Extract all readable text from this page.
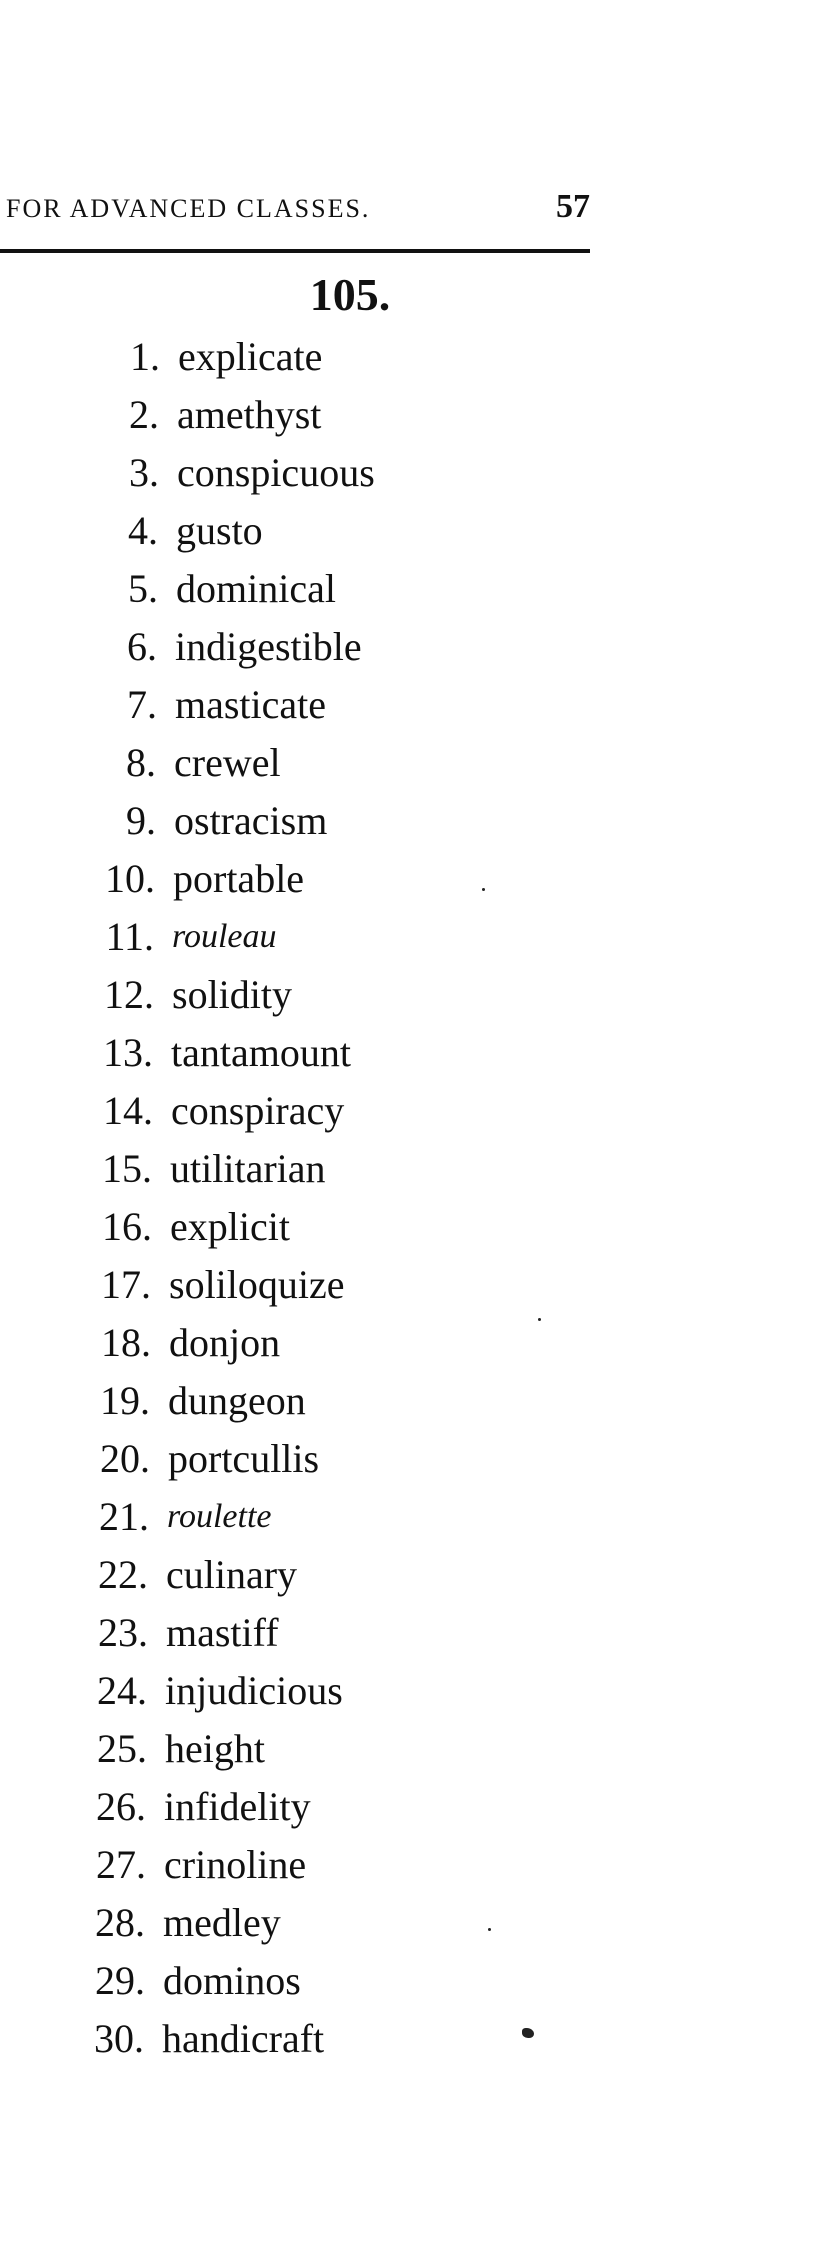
FOR ADVANCED CLASSES.	57
105.
1. explicate
2. amethyst
3. conspicuous
4. gusto
5. dominical
6. indigestible
7. masticate
8. crewel
9. ostracism
10. portable
11. rouleau
12. solidity
13. tantamount
14. conspiracy
15. utilitarian
16. explicit
17. soliloquize
18. donjon
19. dungeon
20. portcullis
21. roulette
22. culinary
23. mastiff
24. injudicious
25. height
26. infidelity
27. crinoline
28. medley
29. dominos
30. handicraft
